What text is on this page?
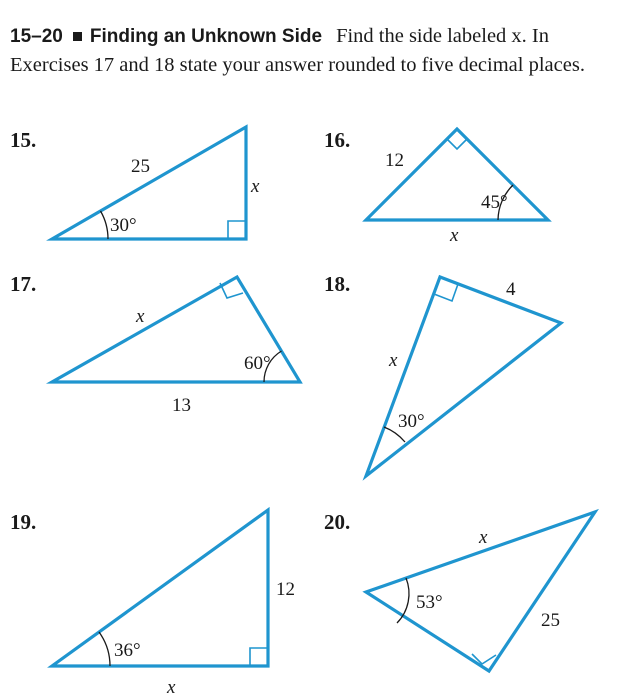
15–20 Finding an Unknown Side Find the side labeled x. In Exercises 17 and 18 state your answer rounded to five decimal places.
15.	16.
17.	18.
19.	20.
25
x
30°
12
45°
x
x
60°
13
4
x
30°
12
36°
x
x
53°
25
